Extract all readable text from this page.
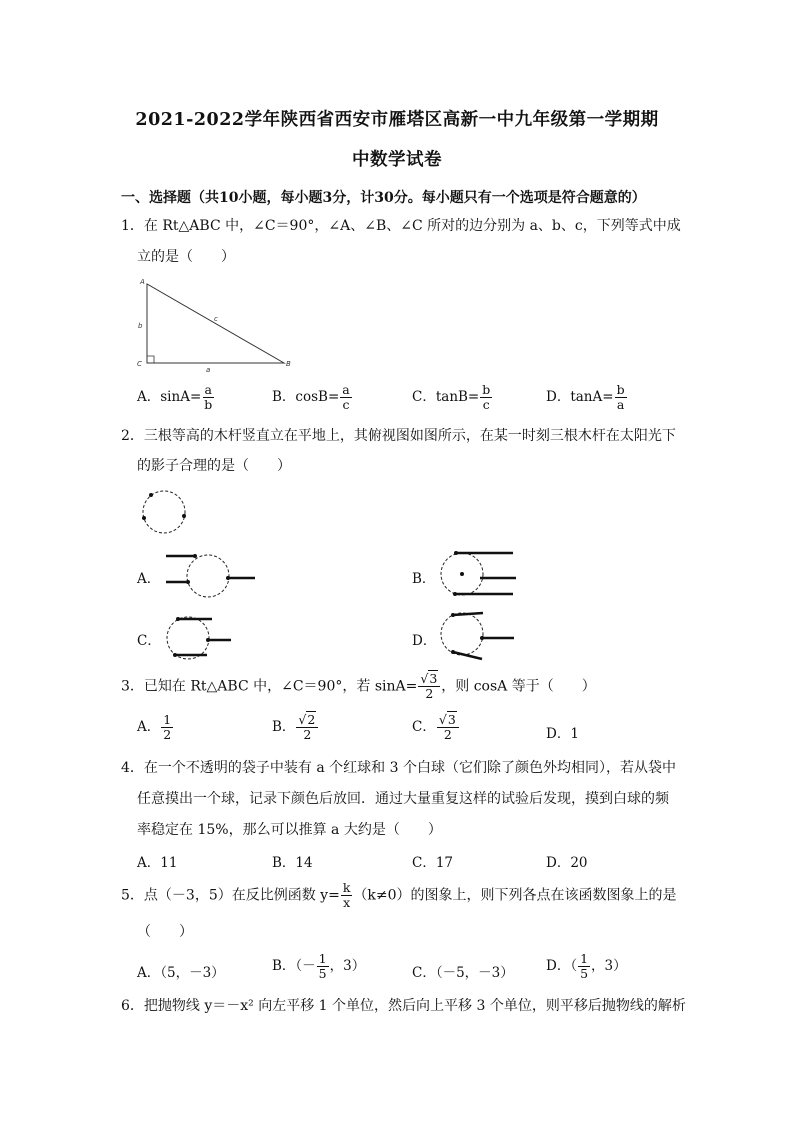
2021-2022学年陕西省西安市雁塔区高新一中九年级第一学期期
中数学试卷
一、选择题（共10小题，每小题3分，计30分。每小题只有一个选项是符合题意的）
1．在 Rt△ABC 中，∠C＝90°，∠A、∠B、∠C 所对的边分别为 a、b、c，下列等式中成
立的是（　　）
A
B
C
a
b
c
A．$\sin A= \frac{a}{b}$	B．$\cos B= \frac{a}{c}$	C．$\tan B= \frac{b}{c}$	D．$\tan A= \frac{b}{a}$
2．三根等高的木杆竖直立在平地上，其俯视图如图所示，在某一时刻三根木杆在太阳光下
的影子合理的是（　　）
A．	B．
C．	D．
3．已知在 Rt△ABC 中，∠C＝90°，若 $\sin A= \frac{√3}{2}$ ，则 cosA 等于（　　）
A． $\frac{1}{2}$	B． $\frac{√2}{2}$	C． $\frac{√3}{2}$	D．1
4．在一个不透明的袋子中装有 a 个红球和 3 个白球（它们除了颜色外均相同），若从袋中
任意摸出一个球，记录下颜色后放回．通过大量重复这样的试验后发现，摸到白球的频
率稳定在 15%，那么可以推算 a 大约是（　　）
A．11	B．14	C．17	D．20
5．点（－3，5）在反比例函数 $y= \frac{k}{x} (k\ne 0)$的图象上，则下列各点在该函数图象上的是
（　　）
A．（5，－3）	B．（－ $\frac{1}{5}$ ，3）	C．（－5，－3） D．（ $\frac{1}{5}$ ，3）
6．把抛物线 y＝－x² 向左平移 1 个单位，然后向上平移 3 个单位，则平移后抛物线的解析
